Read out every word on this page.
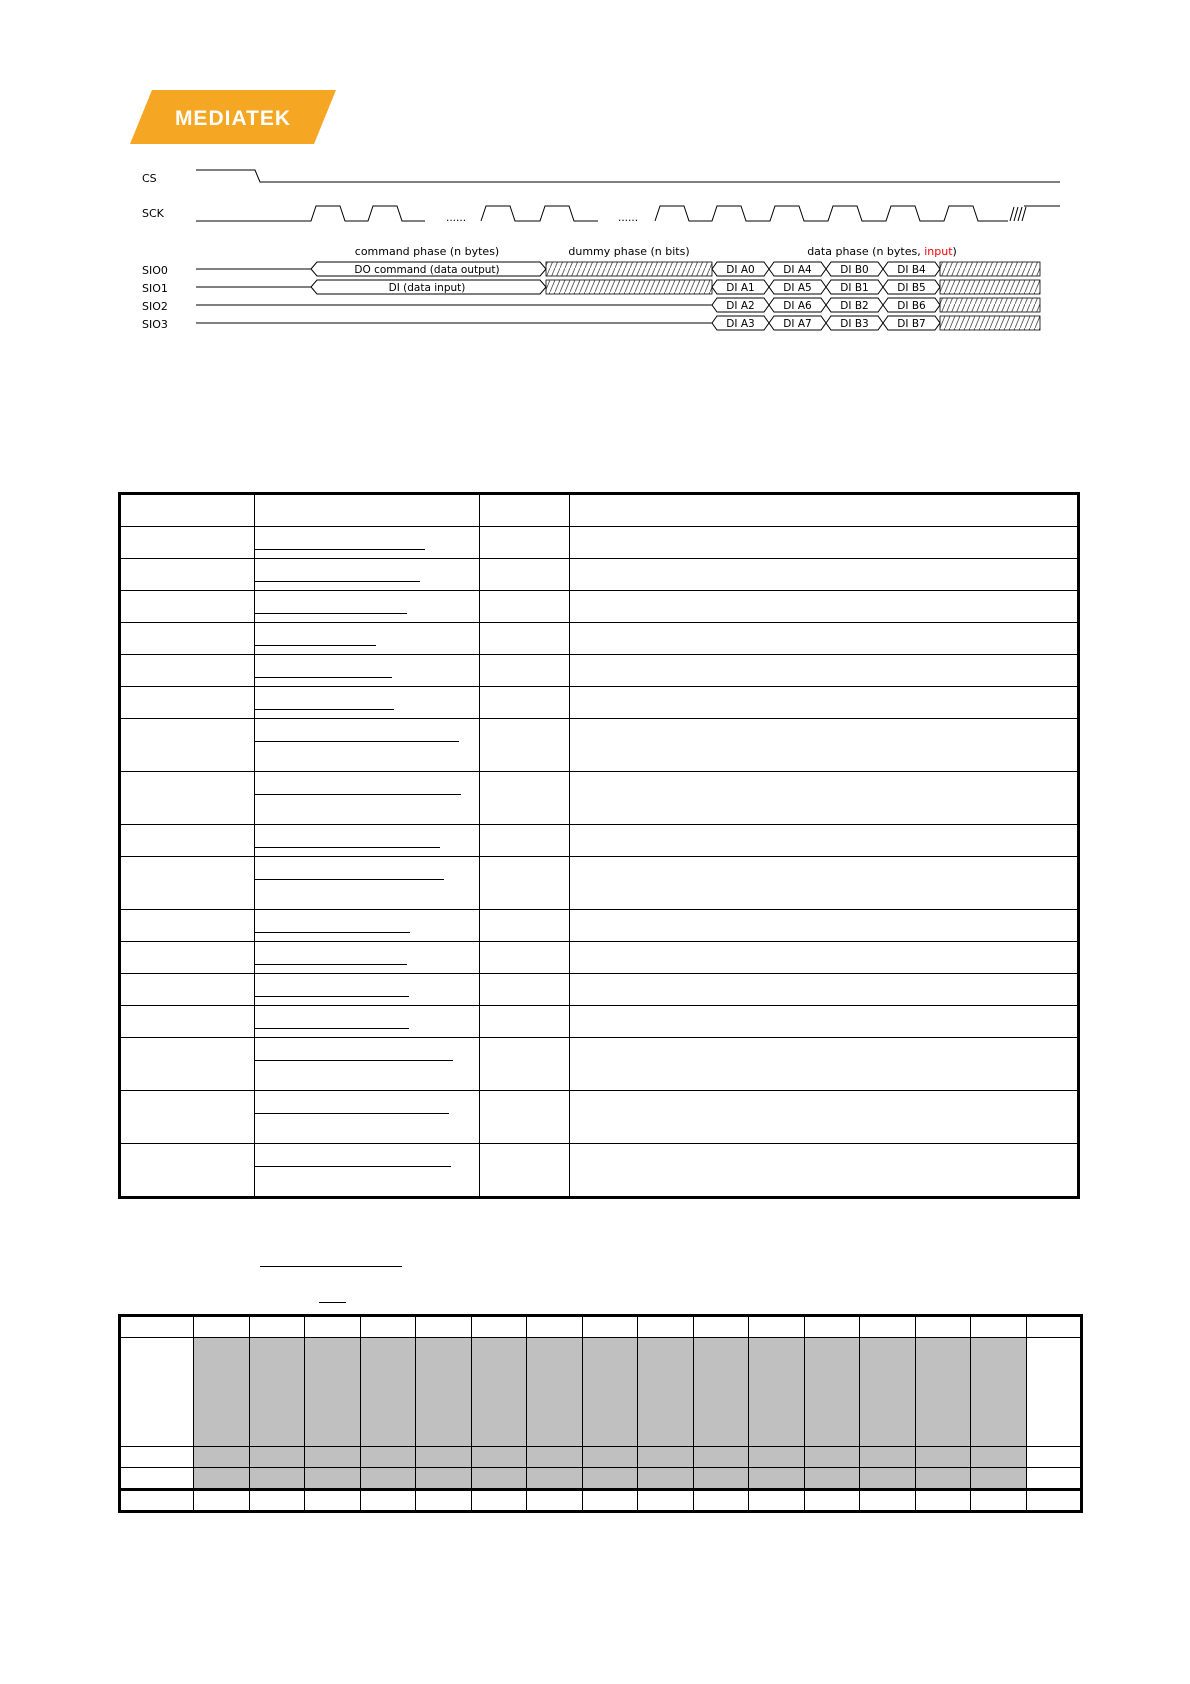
MEDIATEK
CS
SCK
SIO0
SIO1
SIO2
SIO3
......	......
command phase (n bytes)	dummy phase (n bits)	data phase (n bytes, input)
DO command (data output)
DI (data input)
DI A0	DI A4	DI B0	DI B4
DI A1	DI A5	DI B1	DI B5
DI A2	DI A6	DI B2	DI B6
DI A3	DI A7	DI B3	DI B7
